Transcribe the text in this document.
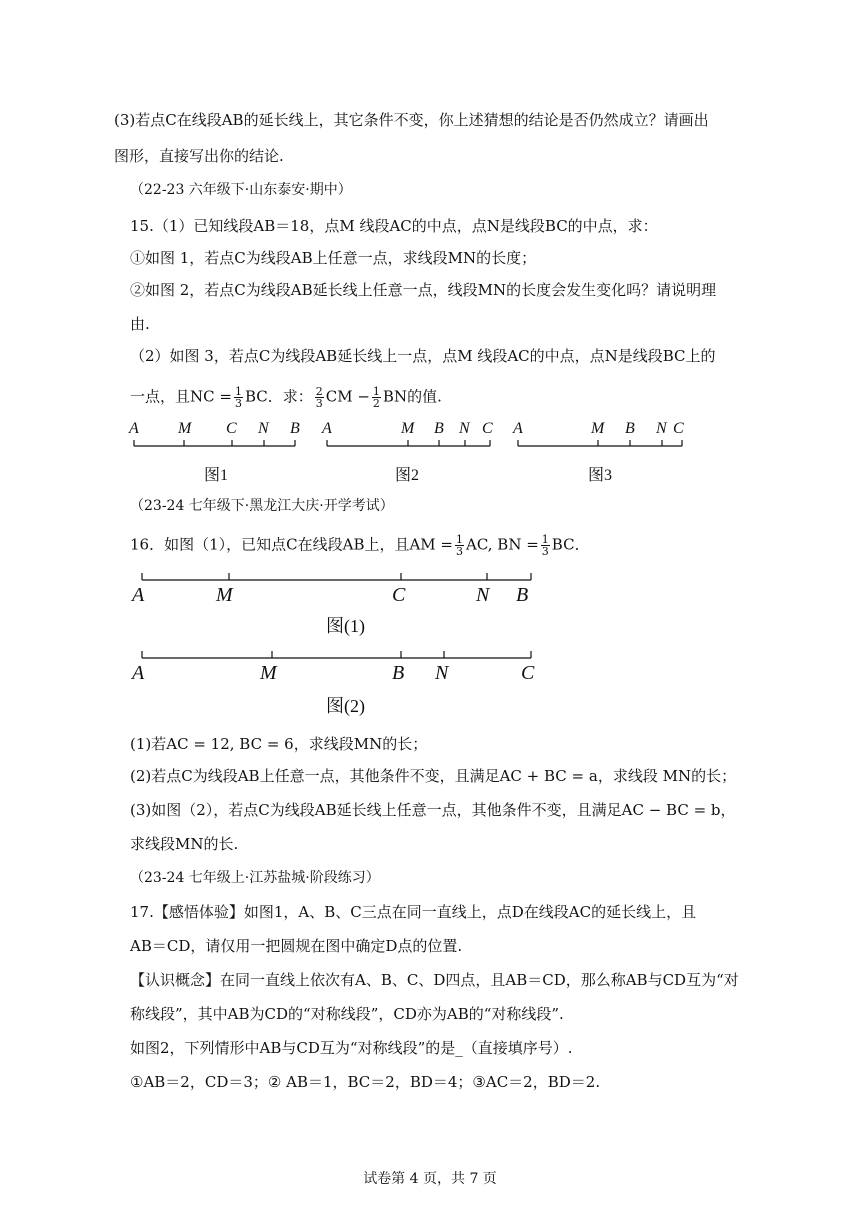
(3)若点C在线段AB的延长线上，其它条件不变，你上述猜想的结论是否仍然成立？请画出
图形，直接写出你的结论.
（22-23 六年级下·山东泰安·期中）
15.（1）已知线段AB＝18，点M 线段AC的中点，点N是线段BC的中点，求：
①如图 1，若点C为线段AB上任意一点，求线段MN的长度；
②如图 2，若点C为线段AB延长线上任意一点，线段MN的长度会发生变化吗？请说明理
由.
（2）如图 3，若点C为线段AB延长线上一点，点M 线段AC的中点，点N是线段BC上的
一点，且NC = $\frac{1}{3}$ BC．求： $\frac{2}{3}$ CM − $\frac{1}{2}$ BN的值.
A M C N B
图1
A	M B N C
图2
A	M B N C
图3
（23-24 七年级下·黑龙江大庆·开学考试）
16．如图（1），已知点C在线段AB上，且AM = $\frac{1}{3}$ AC, BN = $\frac{1}{3}$ BC．
A	M	C	N B
图(1)
A	M	B N	C
图(2)
(1)若AC = 12, BC = 6，求线段MN的长；
(2)若点C为线段AB上任意一点，其他条件不变，且满足AC + BC = a，求线段 MN的长；
(3)如图（2），若点C为线段AB延长线上任意一点，其他条件不变，且满足AC − BC = b，
求线段MN的长.
（23-24 七年级上·江苏盐城·阶段练习）
17.【感悟体验】如图1，A、B、C三点在同一直线上，点D在线段AC的延长线上，且
AB＝CD，请仅用一把圆规在图中确定D点的位置.
【认识概念】在同一直线上依次有A、B、C、D四点，且AB＝CD，那么称AB与CD互为“对
称线段”，其中AB为CD的“对称线段”，CD亦为AB的“对称线段”.
如图2，下列情形中AB与CD互为“对称线段”的是_（直接填序号）.
①AB＝2，CD＝3；② AB＝1，BC＝2，BD＝4；③AC＝2，BD＝2.
试卷第 4 页，共 7 页
